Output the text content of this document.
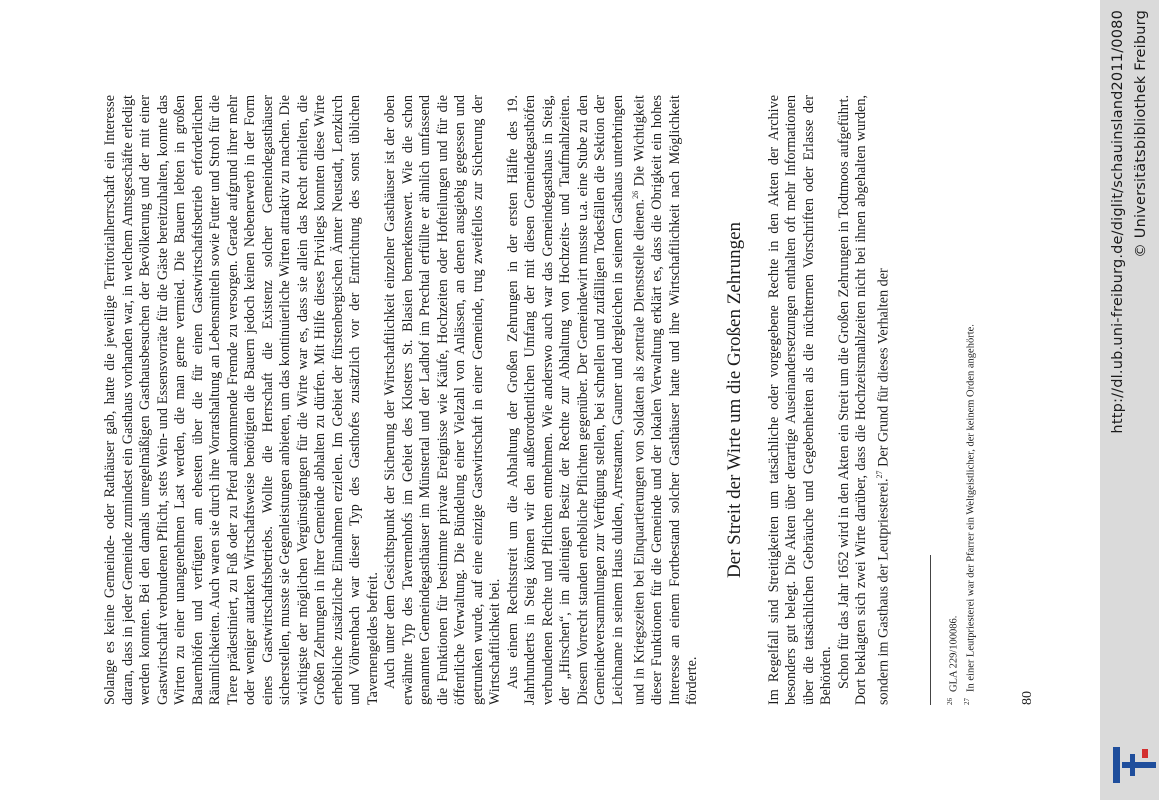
Solange es keine Gemeinde- oder Rathäuser gab, hatte die jeweilige Territorialherrschaft ein Interesse daran, dass in jeder Gemeinde zumindest ein Gasthaus vorhanden war, in welchem Amtsgeschäfte erledigt werden konnten. Bei den damals unregelmäßigen Gasthausbesuchen der Bevölkerung und der mit einer Gastwirtschaft verbundenen Pflicht, stets Wein- und Essensvorräte für die Gäste bereitzuhalten, konnte das Wirten zu einer unangenehmen Last werden, die man gerne vermied. Die Bauern lebten in großen Bauernhöfen und verfügten am ehesten über die für einen Gastwirtschaftsbetrieb erforderlichen Räumlichkeiten. Auch waren sie durch ihre Vorratshaltung an Lebensmitteln sowie Futter und Stroh für die Tiere prädestiniert, zu Fuß oder zu Pferd ankommende Fremde zu versorgen. Gerade aufgrund ihrer mehr oder weniger autarken Wirtschaftsweise benötigten die Bauern jedoch keinen Nebenerwerb in der Form eines Gastwirtschaftsbetriebs. Wollte die Herrschaft die Existenz solcher Gemeindegasthäuser sicherstellen, musste sie Gegenleistungen anbieten, um das kontinuierliche Wirten attraktiv zu machen. Die wichtigste der möglichen Vergünstigungen für die Wirte war es, dass sie allein das Recht erhielten, die Großen Zehrungen in ihrer Gemeinde abhalten zu dürfen. Mit Hilfe dieses Privilegs konnten diese Wirte erhebliche zusätzliche Einnahmen erzielen. Im Gebiet der fürstenbergischen Ämter Neustadt, Lenzkirch und Vöhrenbach war dieser Typ des Gasthofes zusätzlich vor der Entrichtung des sonst üblichen Tavernengeldes befreit. Auch unter dem Gesichtspunkt der Sicherung der Wirtschaftlichkeit einzelner Gasthäuser ist der oben erwähnte Typ des Tavernenhofs im Gebiet des Klosters St. Blasien bemerkenswert. Wie die schon genannten Gemeindegasthäuser im Münstertal und der Ladhof im Prechtal erfüllte er ähnlich umfassend die Funktionen für bestimmte private Ereignisse wie Käufe, Hochzeiten oder Hofteilungen und für die öffentliche Verwaltung. Die Bündelung einer Vielzahl von Anlässen, an denen ausgiebig gegessen und getrunken wurde, auf eine einzige Gastwirtschaft in einer Gemeinde, trug zweifellos zur Sicherung der Wirtschaftlichkeit bei. Aus einem Rechtsstreit um die Abhaltung der Großen Zehrungen in der ersten Hälfte des 19. Jahrhunderts in Steig können wir den außerordentlichen Umfang der mit diesen Gemeindegasthöfen verbundenen Rechte und Pflichten entnehmen. Wie anderswo auch war das Gemeindegasthaus in Steig, der „Hirschen“, im alleinigen Besitz der Rechte zur Abhaltung von Hochzeits- und Taufmahlzeiten. Diesem Vorrecht standen erhebliche Pflichten gegenüber. Der Gemeindewirt musste u.a. eine Stube zu den Gemeindeversammlungen zur Verfügung stellen, bei schnellen und zufälligen Todesfällen die Sektion der Leichname in seinem Haus dulden, Arrestanten, Gauner und dergleichen in seinem Gasthaus unterbringen und in Kriegszeiten bei Einquartierungen von Soldaten als zentrale Dienststelle dienen.$^{26}$ Die Wichtigkeit dieser Funktionen für die Gemeinde und der lokalen Verwaltung erklärt es, dass die Obrigkeit ein hohes Interesse an einem Fortbestand solcher Gasthäuser hatte und ihre Wirtschaftlichkeit nach Möglichkeit förderte.

Der Streit der Wirte um die Großen Zehrungen Im Regelfall sind Streitigkeiten um tatsächliche oder vorgegebene Rechte in den Akten der Archive besonders gut belegt. Die Akten über derartige Auseinandersetzungen enthalten oft mehr Informationen über die tatsächlichen Gebräuche und Gegebenheiten als die nüchternen Vorschriften oder Erlasse der Behörden. Schon für das Jahr 1652 wird in den Akten ein Streit um die Großen Zehrungen in Todtmoos aufgeführt. Dort beklagten sich zwei Wirte darüber, dass die Hochzeitsmahlzeiten nicht bei ihnen abgehalten wurden, sondern im Gasthaus der Leutpriesterei.$^{27}$ Der Grund für dieses Verhalten der

$^{26}$GLA 229/100086.
$^{27}$In einer Leutpriesterei war der Pfarrer ein Weltgeistlicher, der keinem Orden angehörte.
80
http://dl.ub.uni-freiburg.de/diglit/schauinsland2011/0080 © Universitätsbibliothek Freiburg
